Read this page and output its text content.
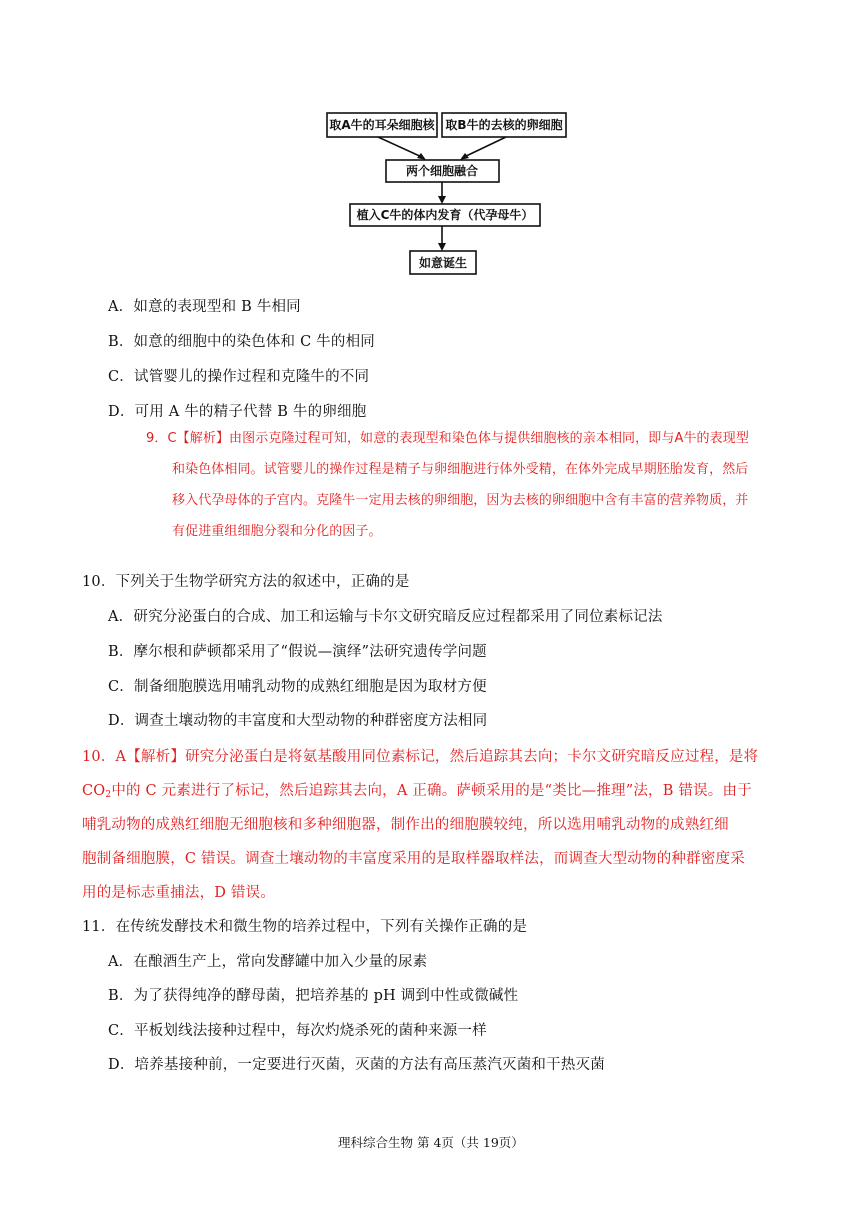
取A牛的耳朵细胞核 取B牛的去核的卵细胞
两个细胞融合
植入C牛的体内发育（代孕母牛）
如意诞生
A．如意的表现型和 B 牛相同
B．如意的细胞中的染色体和 C 牛的相同
C．试管婴儿的操作过程和克隆牛的不同
D．可用 A 牛的精子代替 B 牛的卵细胞
9．C【解析】由图示克隆过程可知，如意的表现型和染色体与提供细胞核的亲本相同，即与A牛的表现型
和染色体相同。试管婴儿的操作过程是精子与卵细胞进行体外受精，在体外完成早期胚胎发育，然后
移入代孕母体的子宫内。克隆牛一定用去核的卵细胞，因为去核的卵细胞中含有丰富的营养物质，并
有促进重组细胞分裂和分化的因子。
10．下列关于生物学研究方法的叙述中，正确的是
A．研究分泌蛋白的合成、加工和运输与卡尔文研究暗反应过程都采用了同位素标记法
B．摩尔根和萨顿都采用了“假说—演绎”法研究遗传学问题
C．制备细胞膜选用哺乳动物的成熟红细胞是因为取材方便
D．调查土壤动物的丰富度和大型动物的种群密度方法相同
10．A【解析】研究分泌蛋白是将氨基酸用同位素标记，然后追踪其去向；卡尔文研究暗反应过程，是将
$CO_2$中的 C 元素进行了标记，然后追踪其去向，A 正确。萨顿采用的是“类比—推理”法，B 错误。由于
哺乳动物的成熟红细胞无细胞核和多种细胞器，制作出的细胞膜较纯，所以选用哺乳动物的成熟红细
胞制备细胞膜，C 错误。调查土壤动物的丰富度采用的是取样器取样法，而调查大型动物的种群密度采
用的是标志重捕法，D 错误。
11．在传统发酵技术和微生物的培养过程中，下列有关操作正确的是
A．在酿酒生产上，常向发酵罐中加入少量的尿素
B．为了获得纯净的酵母菌，把培养基的 pH 调到中性或微碱性
C．平板划线法接种过程中，每次灼烧杀死的菌种来源一样
D．培养基接种前，一定要进行灭菌，灭菌的方法有高压蒸汽灭菌和干热灭菌
理科综合生物 第 4页（共 19页）
